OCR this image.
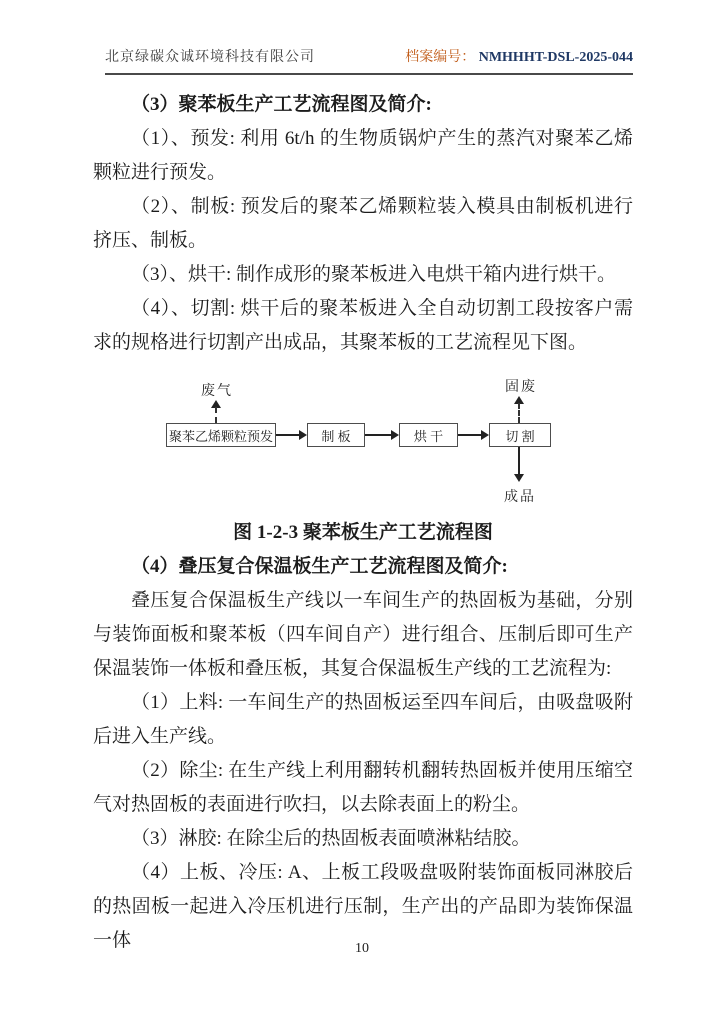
北京绿碳众诚环境科技有限公司	档案编号： NMHHHT-DSL-2025-044

（3）聚苯板生产工艺流程图及简介:

（1）、预发: 利用 6t/h 的生物质锅炉产生的蒸汽对聚苯乙烯颗粒进行预发。

（2）、制板: 预发后的聚苯乙烯颗粒装入模具由制板机进行挤压、制板。

（3）、烘干: 制作成形的聚苯板进入电烘干箱内进行烘干。

（4）、切割: 烘干后的聚苯板进入全自动切割工段按客户需求的规格进行切割产出成品，其聚苯板的工艺流程见下图。

废气
聚苯乙烯颗粒预发	制 板	烘 干	切 割
固废
成品

图 1-2-3 聚苯板生产工艺流程图

（4）叠压复合保温板生产工艺流程图及简介:

叠压复合保温板生产线以一车间生产的热固板为基础，分别与装饰面板和聚苯板（四车间自产）进行组合、压制后即可生产保温装饰一体板和叠压板，其复合保温板生产线的工艺流程为:

（1）上料: 一车间生产的热固板运至四车间后，由吸盘吸附后进入生产线。

（2）除尘: 在生产线上利用翻转机翻转热固板并使用压缩空气对热固板的表面进行吹扫，以去除表面上的粉尘。

（3）淋胶: 在除尘后的热固板表面喷淋粘结胶。

（4）上板、冷压: A、上板工段吸盘吸附装饰面板同淋胶后的热固板一起进入冷压机进行压制，生产出的产品即为装饰保温一体	10
